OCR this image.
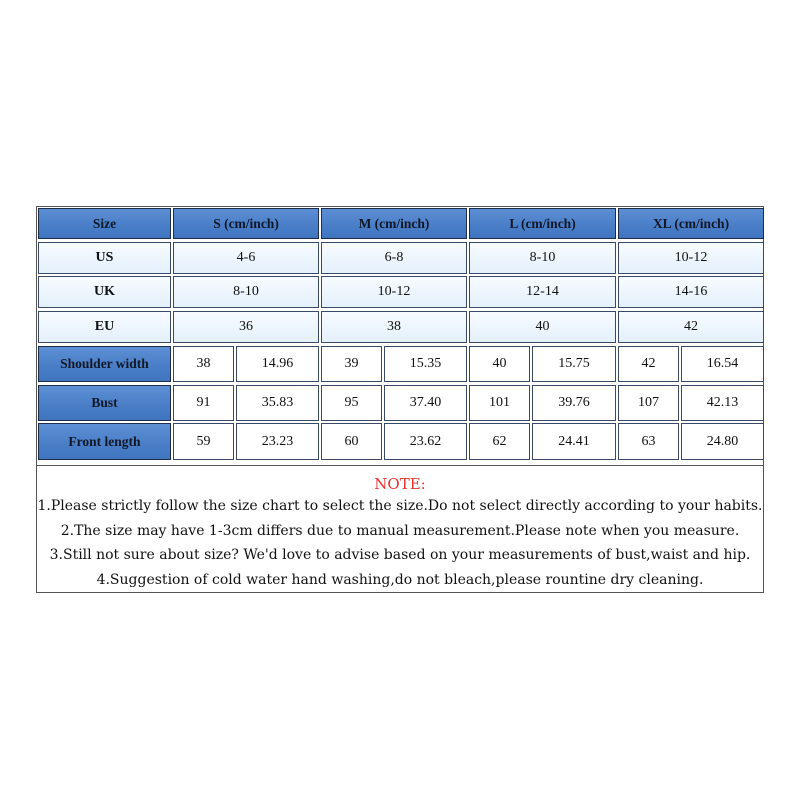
Size	S (cm/inch)	M (cm/inch)	L (cm/inch)	XL (cm/inch)
US	4-6	6-8	8-10	10-12
UK	8-10	10-12	12-14	14-16
EU	36	38	40	42
Shoulder width	38	14.96	39	15.35	40	15.75	42	16.54
Bust	91	35.83	95	37.40	101	39.76	107	42.13
Front length	59	23.23	60	23.62	62	24.41	63	24.80
NOTE:
1.Please strictly follow the size chart to select the size.Do not select directly according to your habits.
2.The size may have 1-3cm differs due to manual measurement.Please note when you measure.
3.Still not sure about size? We'd love to advise based on your measurements of bust,waist and hip.
4.Suggestion of cold water hand washing,do not bleach,please rountine dry cleaning.
